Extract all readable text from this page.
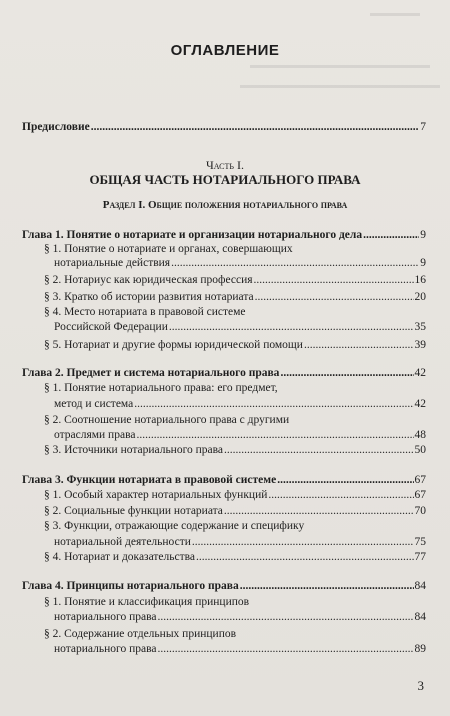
▬▬▬▬▬
▬▬▬▬▬▬▬▬▬▬▬▬▬▬▬▬▬▬
▬▬▬▬▬▬▬▬▬▬▬▬▬▬▬▬▬▬▬▬
ОГЛАВЛЕНИЕ
Предисловие .....	7
Часть I.
ОБЩАЯ ЧАСТЬ НОТАРИАЛЬНОГО ПРАВА
Раздел I. Общие положения нотариального права
Глава 1. Понятие о нотариате и организации нотариального дела .....	9
§ 1. Понятие о нотариате и органах, совершающих
нотариальные действия .....	9
§ 2. Нотариус как юридическая профессия .....	16
§ 3. Кратко об истории развития нотариата .....	20
§ 4. Место нотариата в правовой системе
Российской Федерации .....	35
§ 5. Нотариат и другие формы юридической помощи .....	39
Глава 2. Предмет и система нотариального права .....	42
§ 1. Понятие нотариального права: его предмет,
метод и система .....	42
§ 2. Соотношение нотариального права с другими
отраслями права .....	48
§ 3. Источники нотариального права .....	50
Глава 3. Функции нотариата в правовой системе .....	67
§ 1. Особый характер нотариальных функций .....	67
§ 2. Социальные функции нотариата .....	70
§ 3. Функции, отражающие содержание и специфику
нотариальной деятельности .....	75
§ 4. Нотариат и доказательства .....	77
Глава 4. Принципы нотариального права .....	84
§ 1. Понятие и классификация принципов
нотариального права .....	84
§ 2. Содержание отдельных принципов
нотариального права .....	89
3
